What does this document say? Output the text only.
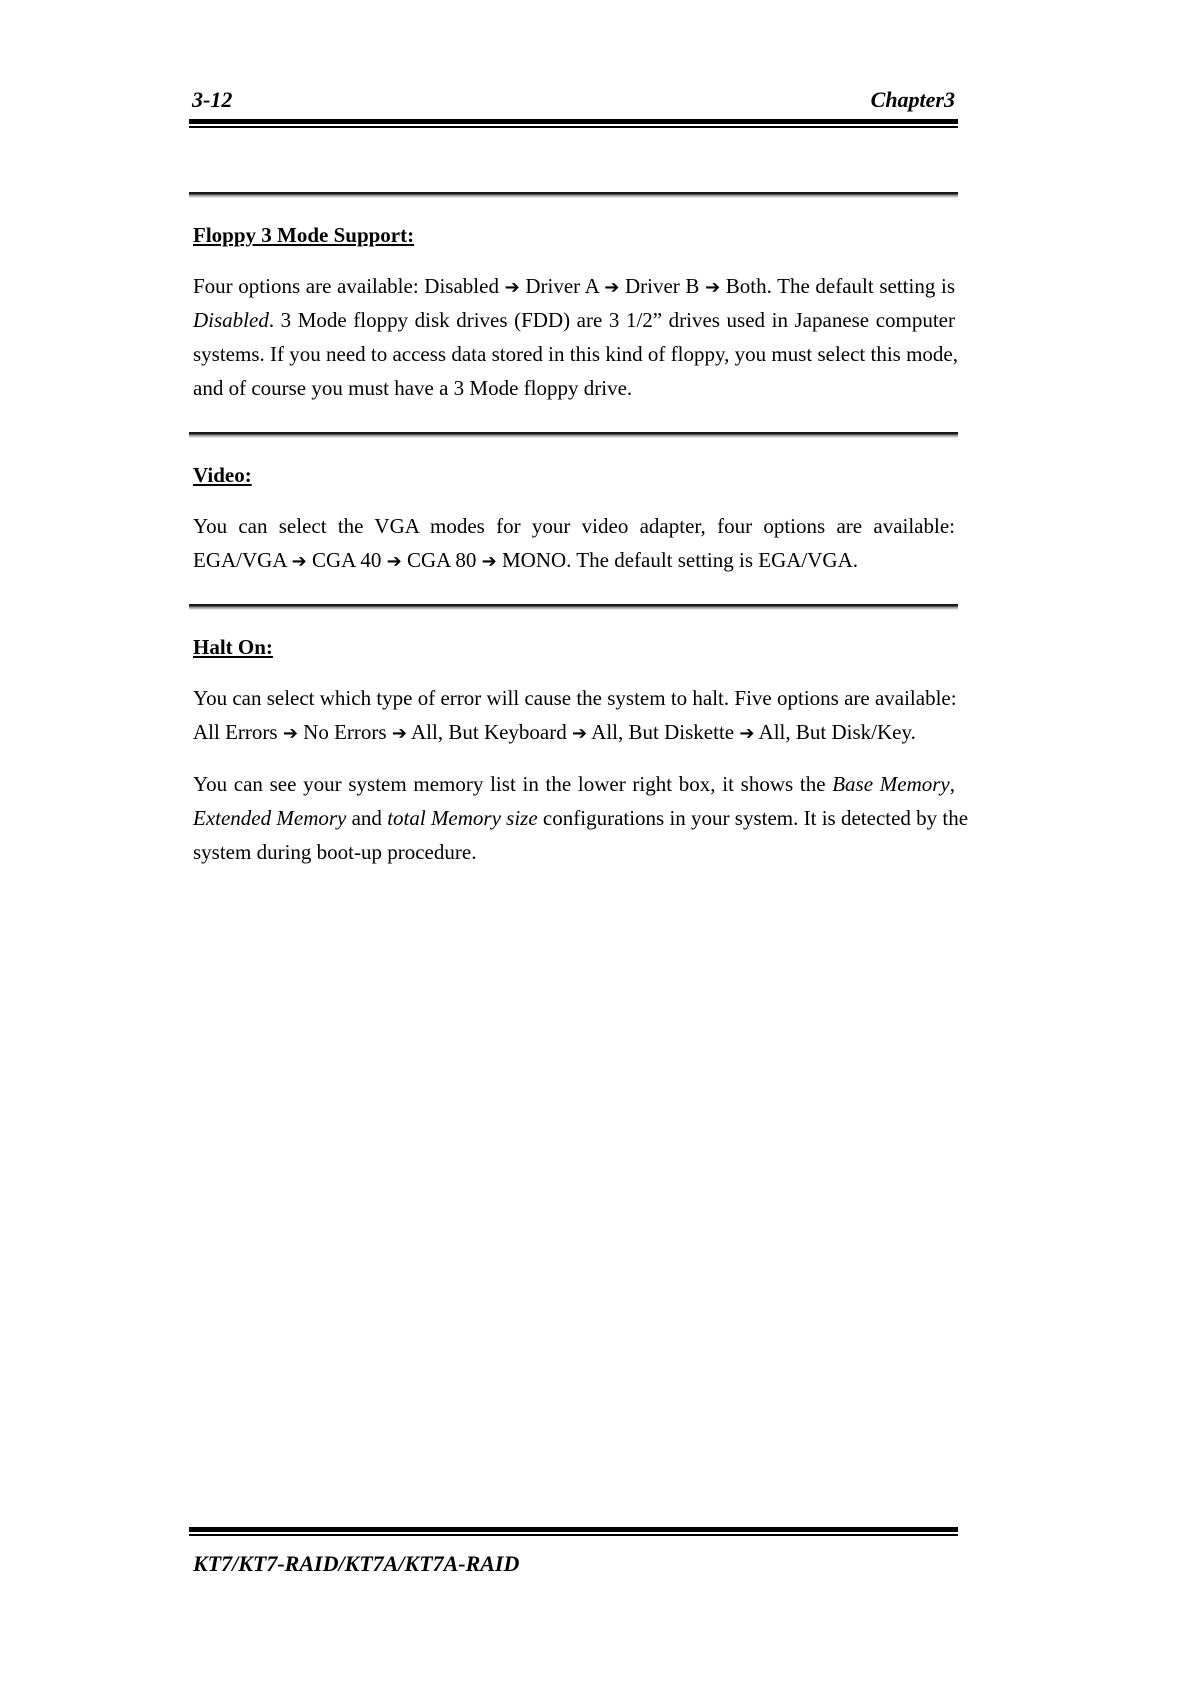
3-12	Chapter3
Floppy 3 Mode Support:
Four options are available: Disabled ➔ Driver A ➔ Driver B ➔ Both. The default setting is
Disabled. 3 Mode floppy disk drives (FDD) are 3 1/2” drives used in Japanese computer
systems. If you need to access data stored in this kind of floppy, you must select this mode,
and of course you must have a 3 Mode floppy drive.
Video:
You can select the VGA modes for your video adapter, four options are available:
EGA/VGA ➔ CGA 40 ➔ CGA 80 ➔ MONO. The default setting is EGA/VGA.
Halt On:
You can select which type of error will cause the system to halt. Five options are available:
All Errors ➔ No Errors ➔ All, But Keyboard ➔ All, But Diskette ➔ All, But Disk/Key.
You can see your system memory list in the lower right box, it shows the Base Memory,
Extended Memory and total Memory size configurations in your system. It is detected by the
system during boot-up procedure.
KT7/KT7-RAID/KT7A/KT7A-RAID
